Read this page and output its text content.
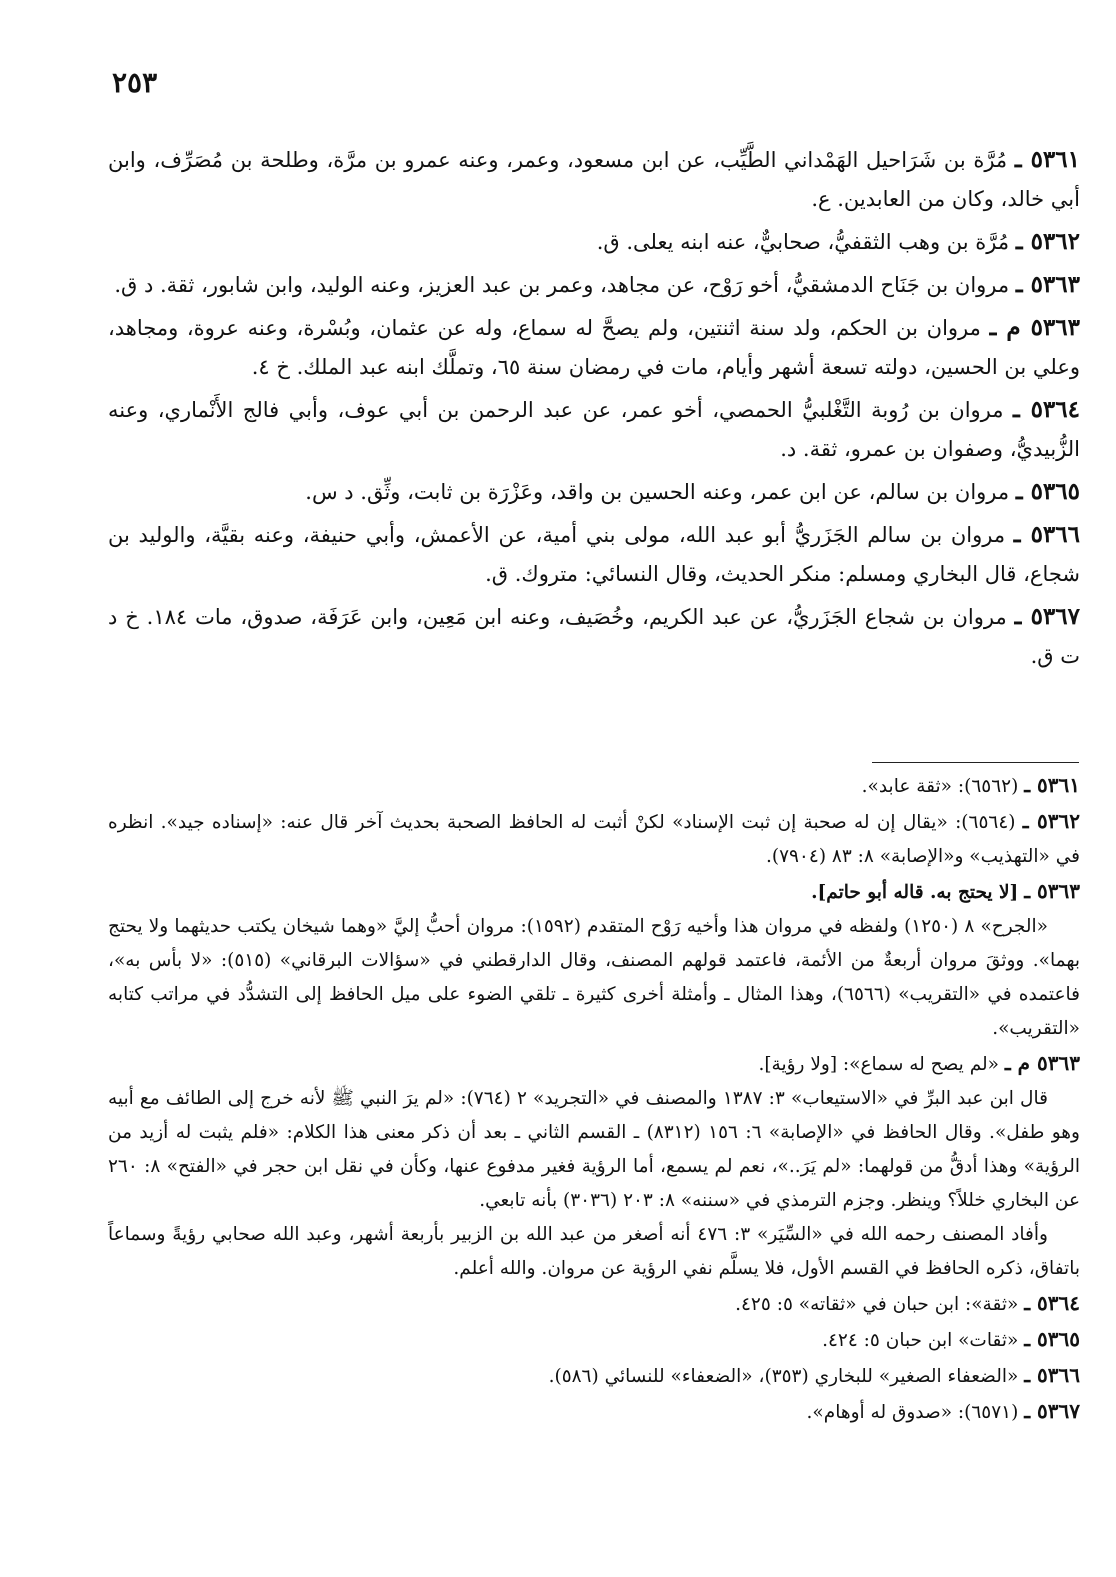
٢٥٣

٥٣٦١ ـ مُرَّة بن شَرَاحيل الهَمْداني الطَّيِّب، عن ابن مسعود، وعمر، وعنه عمرو بن مرَّة، وطلحة بن مُصَرِّف، وابن أبي خالد، وكان من العابدين. ع.

٥٣٦٢ ـ مُرَّة بن وهب الثقفيُّ، صحابيٌّ، عنه ابنه يعلى. ق.

٥٣٦٣ ـ مروان بن جَنَاح الدمشقيُّ، أخو رَوْح، عن مجاهد، وعمر بن عبد العزيز، وعنه الوليد، وابن شابور، ثقة. د ق.

٥٣٦٣ م ـ مروان بن الحكم، ولد سنة اثنتين، ولم يصحَّ له سماع، وله عن عثمان، وبُسْرة، وعنه عروة، ومجاهد، وعلي بن الحسين، دولته تسعة أشهر وأيام، مات في رمضان سنة ٦٥، وتملَّك ابنه عبد الملك. خ ٤.

٥٣٦٤ ـ مروان بن رُوبة التَّغْلبيُّ الحمصي، أخو عمر، عن عبد الرحمن بن أبي عوف، وأبي فالج الأَنْماري، وعنه الزُّبيديُّ، وصفوان بن عمرو، ثقة. د.

٥٣٦٥ ـ مروان بن سالم، عن ابن عمر، وعنه الحسين بن واقد، وعَزْرَة بن ثابت، وثِّق. د س.

٥٣٦٦ ـ مروان بن سالم الجَزَريُّ أبو عبد الله، مولى بني أمية، عن الأعمش، وأبي حنيفة، وعنه بقيَّة، والوليد بن شجاع، قال البخاري ومسلم: منكر الحديث، وقال النسائي: متروك. ق.

٥٣٦٧ ـ مروان بن شجاع الجَزَريُّ، عن عبد الكريم، وخُصَيف، وعنه ابن مَعِين، وابن عَرَفَة، صدوق، مات ١٨٤. خ د ت ق.

٥٣٦١ ـ (٦٥٦٢): «ثقة عابد».

٥٣٦٢ ـ (٦٥٦٤): «يقال إن له صحبة إن ثبت الإسناد» لكنْ أثبت له الحافظ الصحبة بحديث آخر قال عنه: «إسناده جيد». انظره في «التهذيب» و«الإصابة» ٨: ٨٣ (٧٩٠٤).

٥٣٦٣ ـ [لا يحتج به. قاله أبو حاتم].

«الجرح» ٨ (١٢٥٠) ولفظه في مروان هذا وأخيه رَوْح المتقدم (١٥٩٢): مروان أحبُّ إليَّ «وهما شيخان يكتب حديثهما ولا يحتج بهما». ووثقَ مروان أربعةٌ من الأئمة، فاعتمد قولهم المصنف، وقال الدارقطني في «سؤالات البرقاني» (٥١٥): «لا بأس به»، فاعتمده في «التقريب» (٦٥٦٦)، وهذا المثال ـ وأمثلة أخرى كثيرة ـ تلقي الضوء على ميل الحافظ إلى التشدُّد في مراتب كتابه «التقريب».

٥٣٦٣ م ـ «لم يصح له سماع»: [ولا رؤية].

قال ابن عبد البرِّ في «الاستيعاب» ٣: ١٣٨٧ والمصنف في «التجريد» ٢ (٧٦٤): «لم يرَ النبي ﷺ لأنه خرج إلى الطائف مع أبيه وهو طفل». وقال الحافظ في «الإصابة» ٦: ١٥٦ (٨٣١٢) ـ القسم الثاني ـ بعد أن ذكر معنى هذا الكلام: «فلم يثبت له أزيد من الرؤية» وهذا أدقُّ من قولهما: «لم يَرَ..»، نعم لم يسمع، أما الرؤية فغير مدفوع عنها، وكأن في نقل ابن حجر في «الفتح» ٨: ٢٦٠ عن البخاري خللاً؟ وينظر. وجزم الترمذي في «سننه» ٨: ٢٠٣ (٣٠٣٦) بأنه تابعي.

وأفاد المصنف رحمه الله في «السِّيَر» ٣: ٤٧٦ أنه أصغر من عبد الله بن الزبير بأربعة أشهر، وعبد الله صحابي رؤيةً وسماعاً باتفاق، ذكره الحافظ في القسم الأول، فلا يسلَّم نفي الرؤية عن مروان. والله أعلم.

٥٣٦٤ ـ «ثقة»: ابن حبان في «ثقاته» ٥: ٤٢٥.

٥٣٦٥ ـ «ثقات» ابن حبان ٥: ٤٢٤.

٥٣٦٦ ـ «الضعفاء الصغير» للبخاري (٣٥٣)، «الضعفاء» للنسائي (٥٨٦).

٥٣٦٧ ـ (٦٥٧١): «صدوق له أوهام».
